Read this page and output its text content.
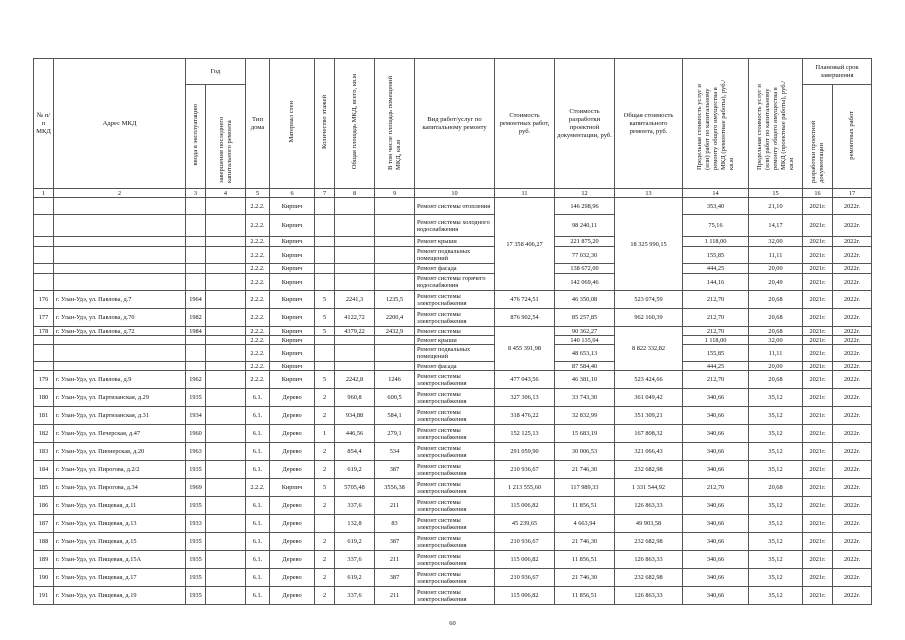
№ п/п МКД	Адрес МКД	Год		Тип дома	Материал стен	Количество этажей	Общая площадь МКД, всего, кв.м	В том числе площадь помещений МКД, кв.м	Вид работ/услуг по капитальному ремонту	Стоимость ремонтных работ, руб.	Стоимость разработки проектной документации, руб.	Общая стоимость капитального ремонта, руб.	Предельная стоимость услуг и (или) работ по капитальному ремонту общего имущества в МКД (ремонтные работы), руб./кв.м	Предельная стоимость услуг и (или) работ по капитальному ремонту общего имущества в МКД (проектные работы), руб./кв.м	Плановый срок завершения	
		ввода в эксплуатацию	завершения последнего капитального ремонта												разработки проектной документации	ремонтных работ
1	2	3	4	5	6	7	8	9	10	11	12	13	14	15	16	17
				2.2.2.	Кирпич				Ремонт системы отопления	17 358 406,27	146 298,96	18 325 990,15	353,40	21,10	2021г.	2022г.
				2.2.2.	Кирпич				Ремонт системы холодного водоснабжения		98 240,11		75,16	14,17	2021г.	2022г.
				2.2.2.	Кирпич				Ремонт крыши		221 875,20		1 118,00	32,00	2021г.	2022г.
				2.2.2.	Кирпич				Ремонт подвальных помещений		77 032,30		155,85	11,11	2021г.	2022г.
				2.2.2.	Кирпич				Ремонт фасада		138 672,00		444,25	20,00	2021г.	2022г.
				2.2.2.	Кирпич				Ремонт системы горячего водоснабжения		142 069,46		144,16	20,49	2021г.	2022г.
176	г. Улан-Удэ, ул. Павлова, д.7	1964		2.2.2.	Кирпич	5	2241,3	1235,5	Ремонт системы электроснабжения	476 724,51	46 350,08	523 074,59	212,70	20,68	2021г.	2022г.
177	г. Улан-Удэ, ул. Павлова, д.70	1982		2.2.2.	Кирпич	5	4122,72	2200,4	Ремонт системы электроснабжения	876 902,54	85 257,85	962 160,39	212,70	20,68	2021г.	2022г.
178	г. Улан-Удэ, ул. Павлова, д.72	1984		2.2.2.	Кирпич	5	4379,22	2432,9	Ремонт системы	8 455 391,98	90 362,27	8 822 332,82	212,70	20,68	2021г.	2022г.
				2.2.2.	Кирпич				Ремонт крыши		140 135,04		1 118,00	32,00	2021г.	2022г.
				2.2.2.	Кирпич				Ремонт подвальных помещений		48 653,13		155,85	11,11	2021г.	2022г.
				2.2.2.	Кирпич				Ремонт фасада		87 584,40		444,25	20,00	2021г.	2022г.
179	г. Улан-Удэ, ул. Павлова, д.9	1962		2.2.2.	Кирпич	5	2242,8	1246	Ремонт системы электроснабжения	477 043,56	46 381,10	523 424,66	212,70	20,68	2021г.	2022г.
180	г. Улан-Удэ, ул. Партизанская, д.29	1935		6.1.	Дерево	2	960,8	600,5	Ремонт системы электроснабжения	327 306,13	33 743,30	361 049,42	340,66	35,12	2021г.	2022г.
181	г. Улан-Удэ, ул. Партизанская, д.31	1934		6.1.	Дерево	2	934,88	584,1	Ремонт системы электроснабжения	318 476,22	32 832,99	351 309,21	340,66	35,12	2021г.	2022г.
182	г. Улан-Удэ, ул. Печерская, д.47	1960		6.1.	Дерево	1	446,56	279,1	Ремонт системы электроснабжения	152 125,13	15 683,19	167 808,32	340,66	35,12	2021г.	2022г.
183	г. Улан-Удэ, ул. Пионерская, д.20	1963		6.1.	Дерево	2	854,4	534	Ремонт системы электроснабжения	291 059,90	30 006,53	321 066,43	340,66	35,12	2021г.	2022г.
184	г. Улан-Удэ, ул. Пирогова, д.2/2	1935		6.1.	Дерево	2	619,2	387	Ремонт системы электроснабжения	210 936,67	21 746,30	232 682,98	340,66	35,12	2021г.	2022г.
185	г. Улан-Удэ, ул. Пирогова, д.34	1969		2.2.2.	Кирпич	5	5705,48	3556,38	Ремонт системы электроснабжения	1 213 555,60	117 989,33	1 331 544,92	212,70	20,68	2021г.	2022г.
186	г. Улан-Удэ, ул. Пищевая, д.11	1935		6.1.	Дерево	2	337,6	211	Ремонт системы электроснабжения	115 006,82	11 856,51	126 863,33	340,66	35,12	2021г.	2022г.
187	г. Улан-Удэ, ул. Пищевая, д.13	1933		6.1.	Дерево		132,8	83	Ремонт системы электроснабжения	45 239,65	4 663,94	49 903,58	340,66	35,12	2021г.	2022г.
188	г. Улан-Удэ, ул. Пищевая, д.15	1935		6.1.	Дерево	2	619,2	387	Ремонт системы электроснабжения	210 936,67	21 746,30	232 682,98	340,66	35,12	2021г.	2022г.
189	г. Улан-Удэ, ул. Пищевая, д.15А	1935		6.1.	Дерево	2	337,6	211	Ремонт системы электроснабжения	115 006,82	11 856,51	126 863,33	340,66	35,12	2021г.	2022г.
190	г. Улан-Удэ, ул. Пищевая, д.17	1935		6.1.	Дерево	2	619,2	387	Ремонт системы электроснабжения	210 936,67	21 746,30	232 682,98	340,66	35,12	2021г.	2022г.
191	г. Улан-Удэ, ул. Пищевая, д.19	1935		6.1.	Дерево	2	337,6	211	Ремонт системы электроснабжения	115 006,82	11 856,51	126 863,33	340,66	35,12	2021г.	2022г.
60
